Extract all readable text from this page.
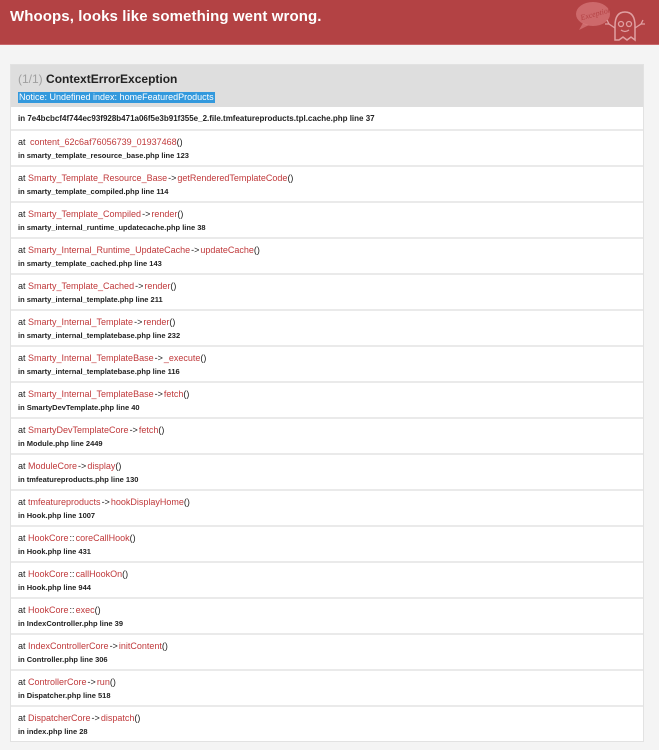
Whoops, looks like something went wrong.	Exception!
(1/1) ContextErrorException
Notice: Undefined index: homeFeaturedProducts
in 7e4bcbcf4f744ec93f928b471a06f5e3b91f355e_2.file.tmfeatureproducts.tpl.cache.php line 37
at content_62c6af76056739_01937468()
in smarty_template_resource_base.php line 123
at Smarty_Template_Resource_Base->getRenderedTemplateCode()
in smarty_template_compiled.php line 114
at Smarty_Template_Compiled->render()
in smarty_internal_runtime_updatecache.php line 38
at Smarty_Internal_Runtime_UpdateCache->updateCache()
in smarty_template_cached.php line 143
at Smarty_Template_Cached->render()
in smarty_internal_template.php line 211
at Smarty_Internal_Template->render()
in smarty_internal_templatebase.php line 232
at Smarty_Internal_TemplateBase->_execute()
in smarty_internal_templatebase.php line 116
at Smarty_Internal_TemplateBase->fetch()
in SmartyDevTemplate.php line 40
at SmartyDevTemplateCore->fetch()
in Module.php line 2449
at ModuleCore->display()
in tmfeatureproducts.php line 130
at tmfeatureproducts->hookDisplayHome()
in Hook.php line 1007
at HookCore::coreCallHook()
in Hook.php line 431
at HookCore::callHookOn()
in Hook.php line 944
at HookCore::exec()
in IndexController.php line 39
at IndexControllerCore->initContent()
in Controller.php line 306
at ControllerCore->run()
in Dispatcher.php line 518
at DispatcherCore->dispatch()
in index.php line 28
